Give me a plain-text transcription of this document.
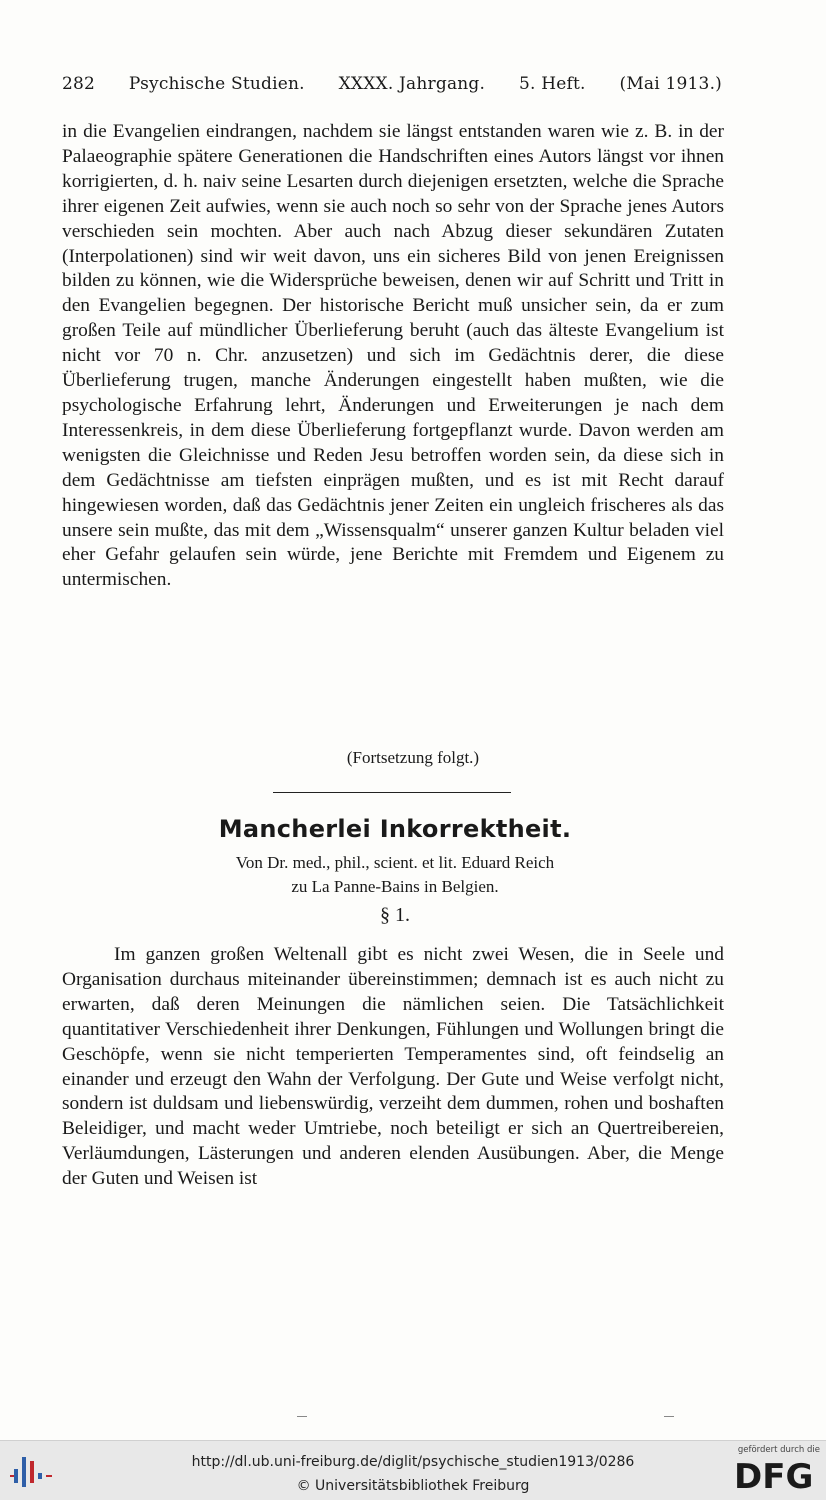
282 Psychische Studien. XXXX. Jahrgang. 5. Heft. (Mai 1913.)

in die Evangelien eindrangen, nachdem sie längst entstanden waren wie z. B. in der Palaeographie spätere Generationen die Handschriften eines Autors längst vor ihnen korrigierten, d. h. naiv seine Lesarten durch diejenigen ersetzten, welche die Sprache ihrer eigenen Zeit aufwies, wenn sie auch noch so sehr von der Sprache jenes Autors verschieden sein mochten. Aber auch nach Abzug dieser sekundären Zutaten (Interpolationen) sind wir weit davon, uns ein sicheres Bild von jenen Ereignissen bilden zu können, wie die Widersprüche beweisen, denen wir auf Schritt und Tritt in den Evangelien begegnen. Der historische Bericht muß unsicher sein, da er zum großen Teile auf mündlicher Überlieferung beruht (auch das älteste Evangelium ist nicht vor 70 n. Chr. anzusetzen) und sich im Gedächtnis derer, die diese Überlieferung trugen, manche Änderungen eingestellt haben mußten, wie die psychologische Erfahrung lehrt, Änderungen und Erweiterungen je nach dem Interessenkreis, in dem diese Überlieferung fortgepflanzt wurde. Davon werden am wenigsten die Gleichnisse und Reden Jesu betroffen worden sein, da diese sich in dem Gedächtnisse am tiefsten einprägen mußten, und es ist mit Recht darauf hingewiesen worden, daß das Gedächtnis jener Zeiten ein ungleich frischeres als das unsere sein mußte, das mit dem „Wissensqualm“ unserer ganzen Kultur beladen viel eher Gefahr gelaufen sein würde, jene Berichte mit Fremdem und Eigenem zu untermischen.

(Fortsetzung folgt.)
Mancherlei Inkorrektheit.
Von Dr. med., phil., scient. et lit. Eduard Reich
zu La Panne-Bains in Belgien.
§ 1.

Im ganzen großen Weltenall gibt es nicht zwei Wesen, die in Seele und Organisation durchaus miteinander übereinstimmen; demnach ist es auch nicht zu erwarten, daß deren Meinungen die nämlichen seien. Die Tatsächlichkeit quantitativer Verschiedenheit ihrer Denkungen, Fühlungen und Wollungen bringt die Geschöpfe, wenn sie nicht temperierten Temperamentes sind, oft feindselig an einander und erzeugt den Wahn der Verfolgung. Der Gute und Weise verfolgt nicht, sondern ist duldsam und liebenswürdig, verzeiht dem dummen, rohen und boshaften Beleidiger, und macht weder Umtriebe, noch beteiligt er sich an Quertreibereien, Verläumdungen, Lästerungen und anderen elenden Ausübungen. Aber, die Menge der Guten und Weisen ist

http://dl.ub.uni-freiburg.de/diglit/psychische_studien1913/0286
© Universitätsbibliothek Freiburg
gefördert durch die
DFG
